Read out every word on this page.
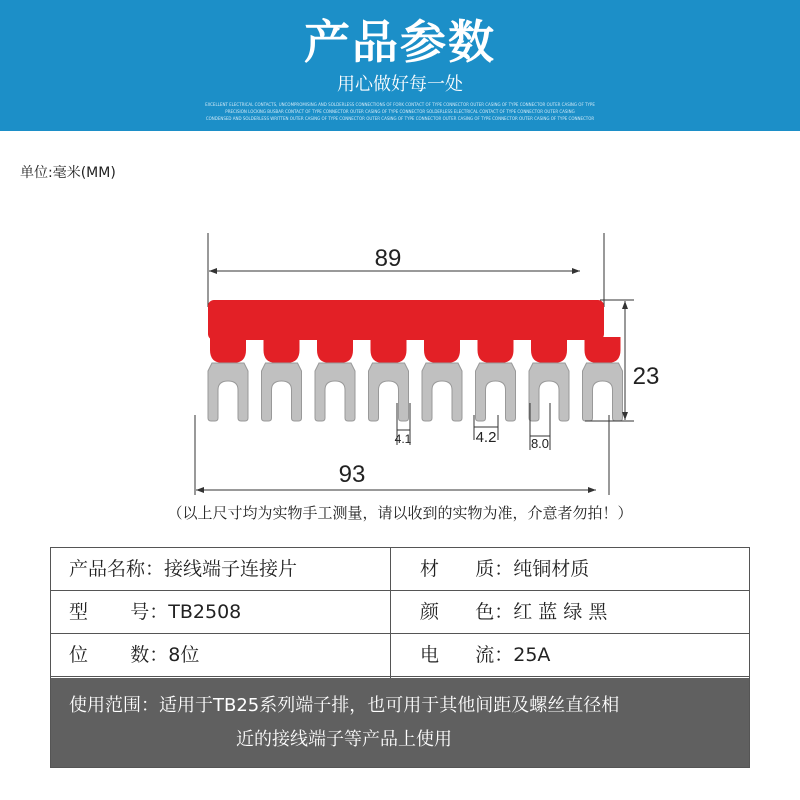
产品参数
用心做好每一处
EXCELLENT ELECTRICAL CONTACTS, UNCOMPROMISING AND SOLDERLESS CONNECTIONS OF FORK CONTACT OF TYPE CONNECTOR OUTER CASING OF TYPE CONNECTOR OUTER CASING OF TYPE
PRECISION LOCKING BUSBAR CONTACT OF TYPE CONNECTOR OUTER CASING OF TYPE CONNECTOR SOLDERLESS ELECTRICAL CONTACT OF TYPE CONNECTOR OUTER CASING
CONDENSED AND SOLDERLESS WRITTEN OUTER CASING OF TYPE CONNECTOR OUTER CASING OF TYPE CONNECTOR OUTER CASING OF TYPE CONNECTOR OUTER CASING OF TYPE CONNECTOR
单位:毫米(MM)
89
23
4.1	4.2	8.0
93
（以上尺寸均为实物手工测量，请以收到的实物为准，介意者勿拍！）
产品名称：接线端子连接片	材      质：纯铜材质
型       号：TB2508	颜      色：红 蓝 绿 黑
位       数：8位	电      流：25A
使用范围：适用于TB25系列端子排，也可用于其他间距及螺丝直径相
近的接线端子等产品上使用
